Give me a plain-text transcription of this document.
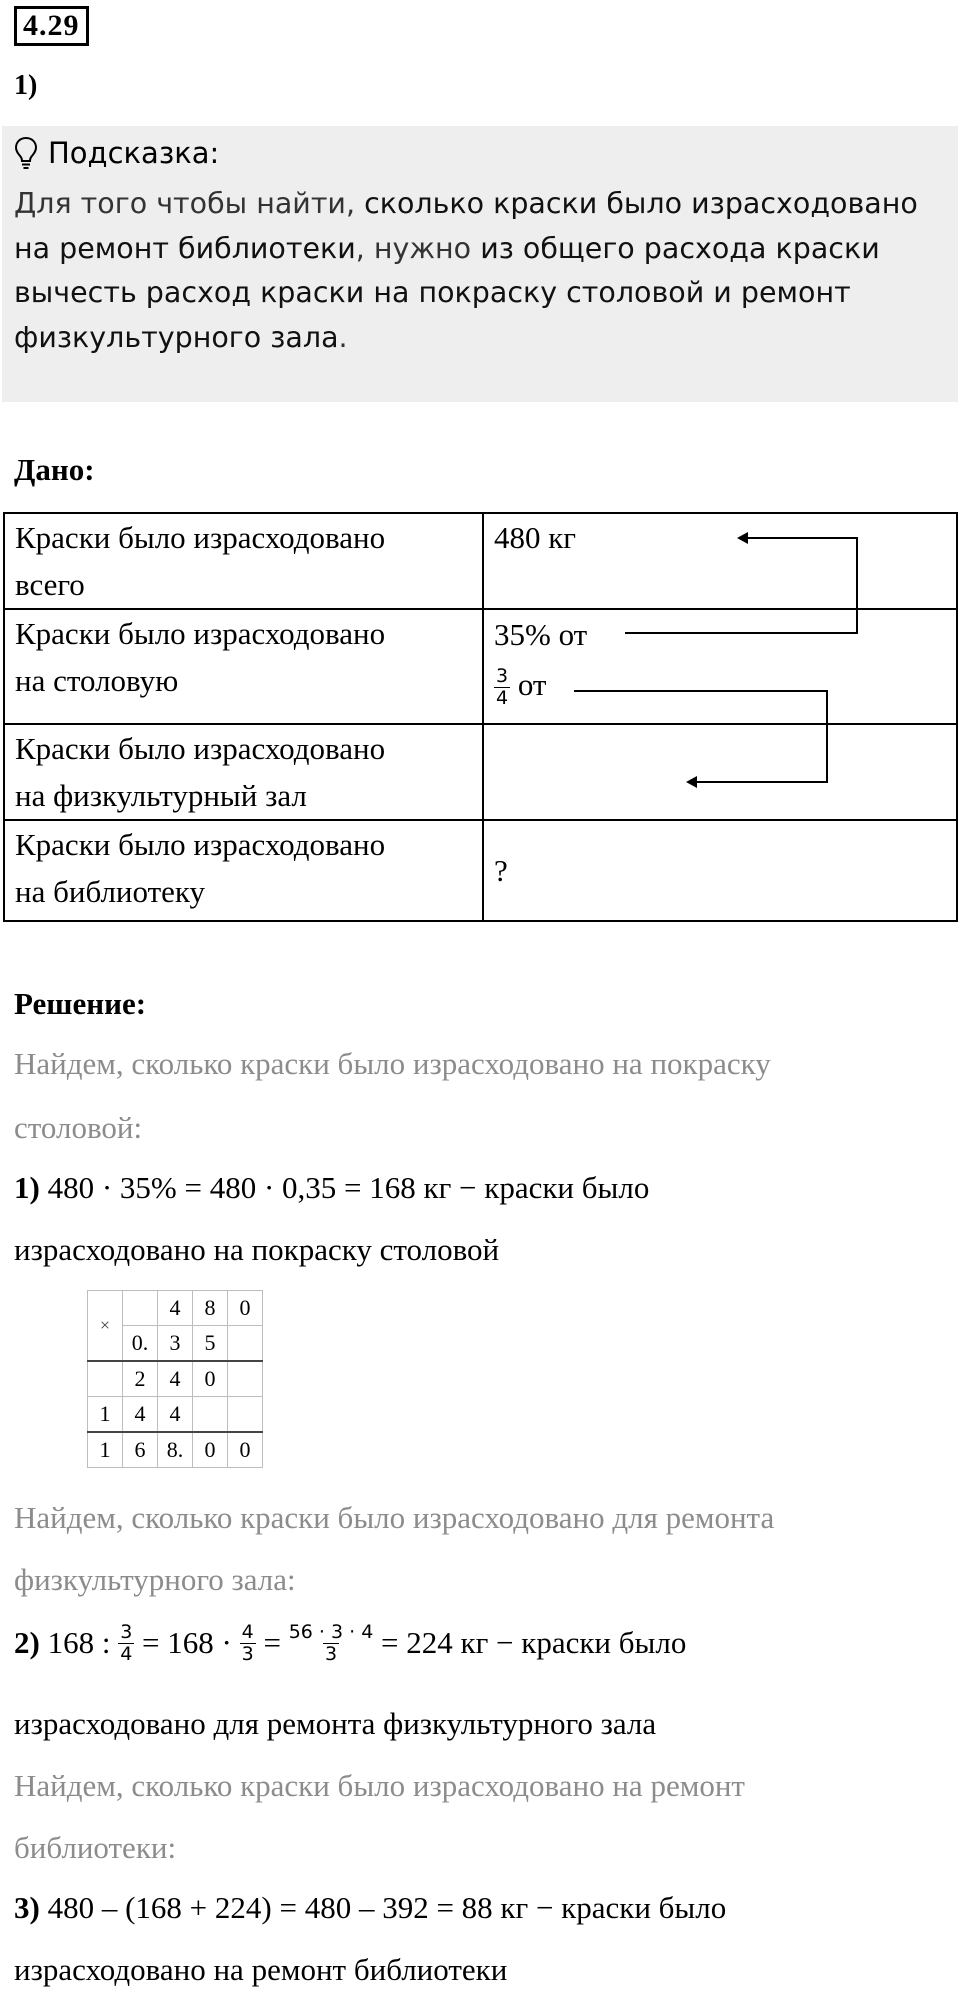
4.29
1)
Подсказка:
Для того чтобы найти, сколько краски было израсходовано на ремонт библиотеки, нужно из общего расхода краски вычесть расход краски на покраску столовой и ремонт физкультурного зала.
Дано:
Краски было израсходовано
всего	480 кг
Краски было израсходовано
на столовую	35% от

$\frac{3}{4}$ от
Краски было израсходовано
на физкультурный зал	
Краски было израсходовано
на библиотеку	?
Решение:
Найдем, сколько краски было израсходовано на покраску
столовой:
1) 480 · 35% = 480 · 0,35 = 168 кг − краски было
израсходовано на покраску столовой
×		4	8	0
	0.	3	5	
	2	4	0	
1	4	4		
1	6	8.	0	0
Найдем, сколько краски было израсходовано для ремонта
физкультурного зала:
2) 168 : $\frac{3}{4} = 168 \cdot \frac{4}{3} = \frac{56 \cdot 3 \cdot 4}{3} = 224$ кг − краски было
израсходовано для ремонта физкультурного зала
Найдем, сколько краски было израсходовано на ремонт
библиотеки:
3) 480 – (168 + 224) = 480 – 392 = 88 кг − краски было
израсходовано на ремонт библиотеки
